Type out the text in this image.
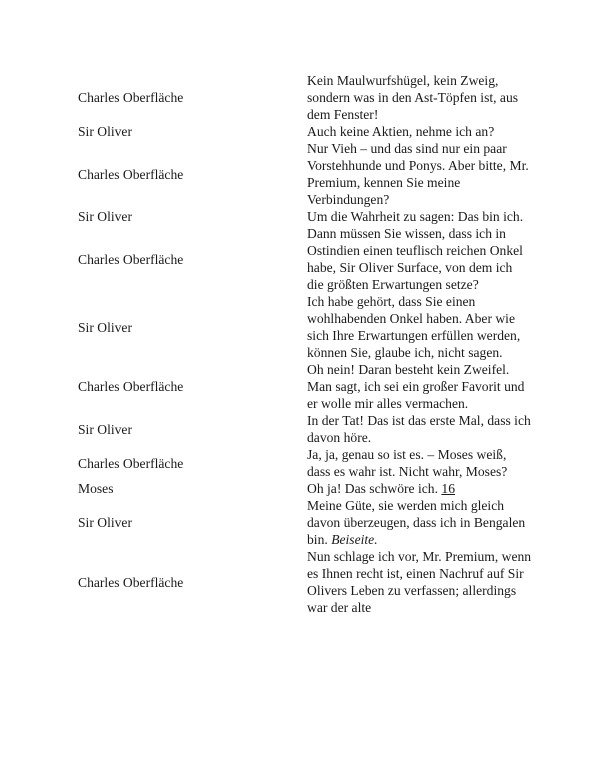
Charles Oberfläche	Kein Maulwurfshügel, kein Zweig, sondern was in den Ast-Töpfen ist, aus dem Fenster!
Sir Oliver	Auch keine Aktien, nehme ich an?
Charles Oberfläche	Nur Vieh – und das sind nur ein paar Vorstehhunde und Ponys. Aber bitte, Mr. Premium, kennen Sie meine Verbindungen?
Sir Oliver	Um die Wahrheit zu sagen: Das bin ich.
Charles Oberfläche	Dann müssen Sie wissen, dass ich in Ostindien einen teuflisch reichen Onkel habe, Sir Oliver Surface, von dem ich die größten Erwartungen setze?
Sir Oliver	Ich habe gehört, dass Sie einen wohlhabenden Onkel haben. Aber wie sich Ihre Erwartungen erfüllen werden, können Sie, glaube ich, nicht sagen.
Charles Oberfläche	Oh nein! Daran besteht kein Zweifel. Man sagt, ich sei ein großer Favorit und er wolle mir alles vermachen.
Sir Oliver	In der Tat! Das ist das erste Mal, dass ich davon höre.
Charles Oberfläche	Ja, ja, genau so ist es. – Moses weiß, dass es wahr ist. Nicht wahr, Moses?
Moses	Oh ja! Das schwöre ich. 16
Sir Oliver	Meine Güte, sie werden mich gleich davon überzeugen, dass ich in Bengalen bin. Beiseite.
Charles Oberfläche	Nun schlage ich vor, Mr. Premium, wenn es Ihnen recht ist, einen Nachruf auf Sir Olivers Leben zu verfassen; allerdings war der alte
